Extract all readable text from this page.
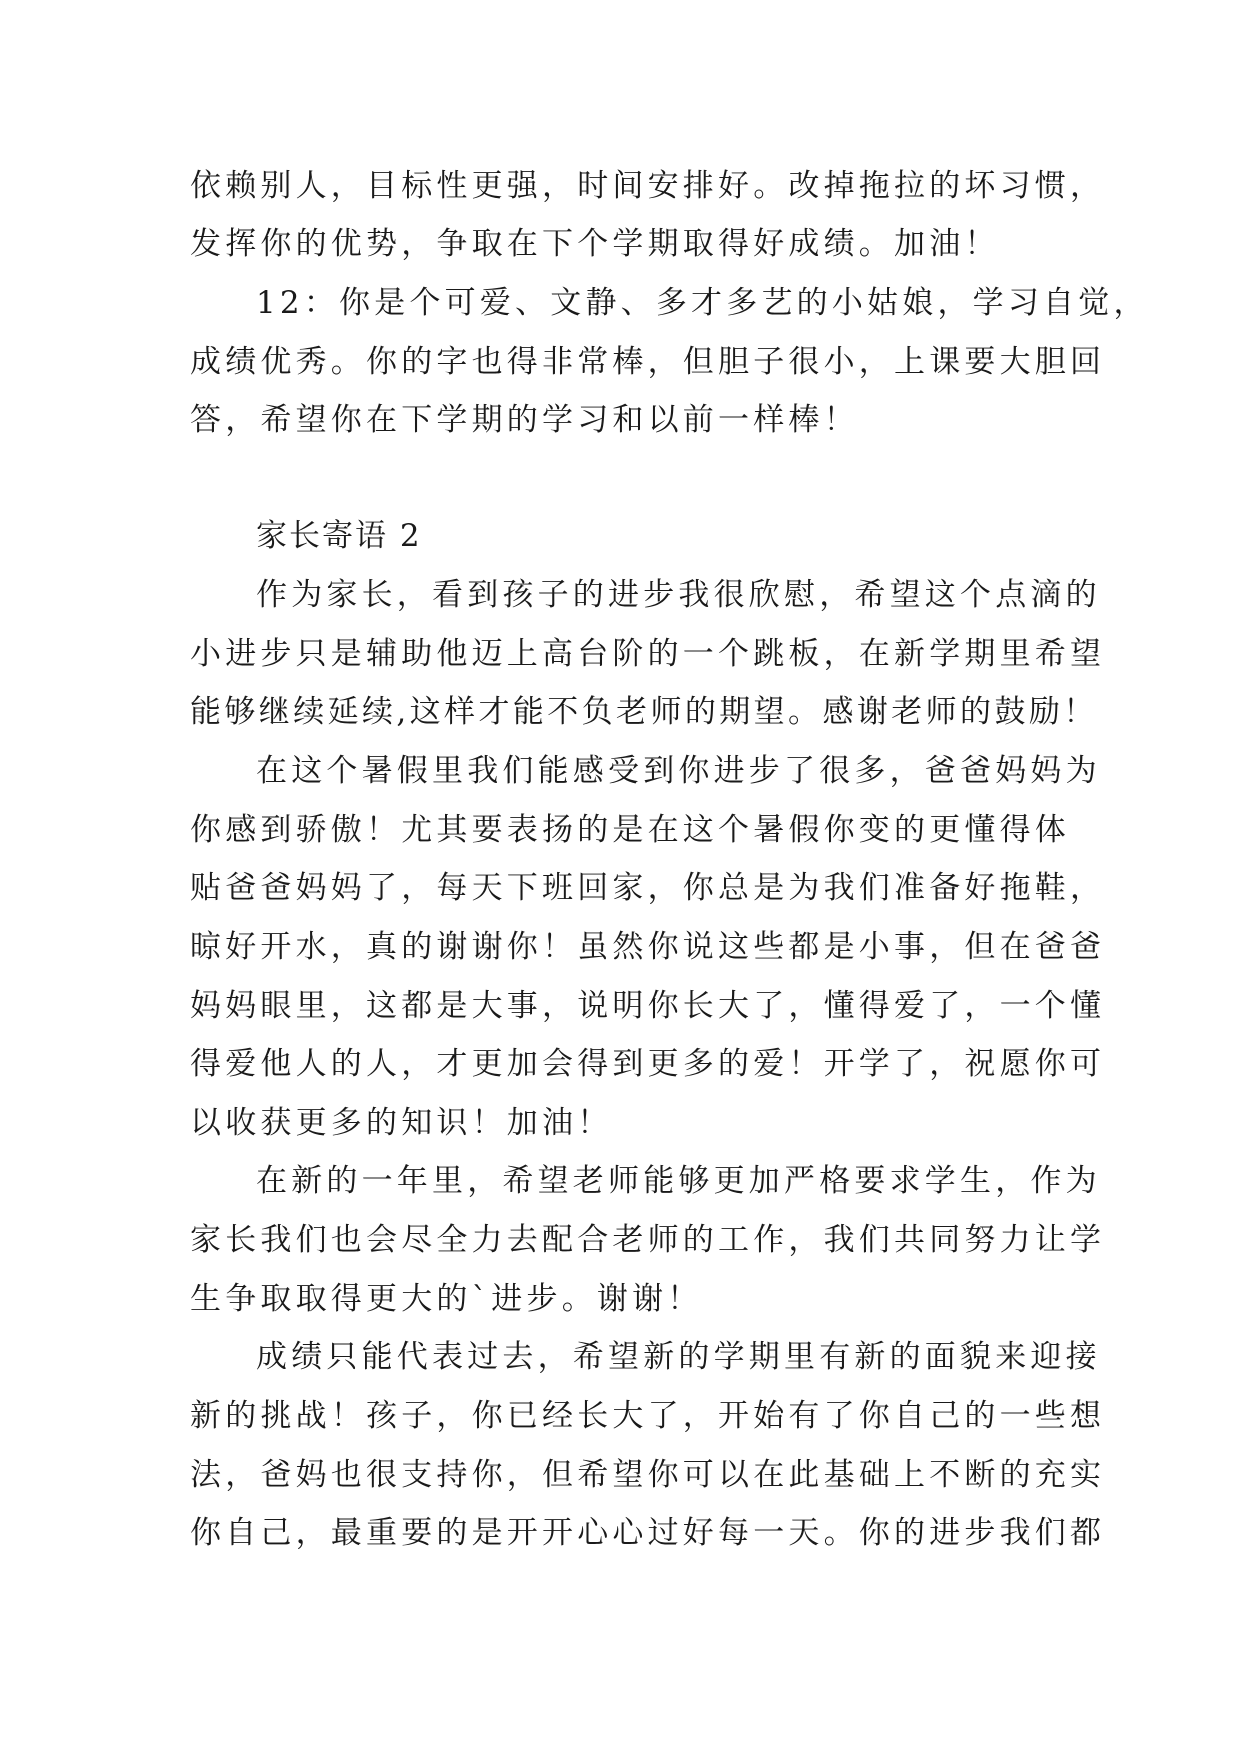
依赖别人，目标性更强，时间安排好。改掉拖拉的坏习惯，
发挥你的优势，争取在下个学期取得好成绩。加油！
12：你是个可爱、文静、多才多艺的小姑娘，学习自觉，
成绩优秀。你的字也得非常棒，但胆子很小，上课要大胆回
答，希望你在下学期的学习和以前一样棒！
家长寄语 2
作为家长，看到孩子的进步我很欣慰，希望这个点滴的
小进步只是辅助他迈上高台阶的一个跳板，在新学期里希望
能够继续延续,这样才能不负老师的期望。感谢老师的鼓励！
在这个暑假里我们能感受到你进步了很多，爸爸妈妈为
你感到骄傲！尤其要表扬的是在这个暑假你变的更懂得体
贴爸爸妈妈了，每天下班回家，你总是为我们准备好拖鞋，
晾好开水，真的谢谢你！虽然你说这些都是小事，但在爸爸
妈妈眼里，这都是大事，说明你长大了，懂得爱了，一个懂
得爱他人的人，才更加会得到更多的爱！开学了，祝愿你可
以收获更多的知识！加油！
在新的一年里，希望老师能够更加严格要求学生，作为
家长我们也会尽全力去配合老师的工作，我们共同努力让学
生争取取得更大的`进步。谢谢！
成绩只能代表过去，希望新的学期里有新的面貌来迎接
新的挑战！孩子，你已经长大了，开始有了你自己的一些想
法，爸妈也很支持你，但希望你可以在此基础上不断的充实
你自己，最重要的是开开心心过好每一天。你的进步我们都
